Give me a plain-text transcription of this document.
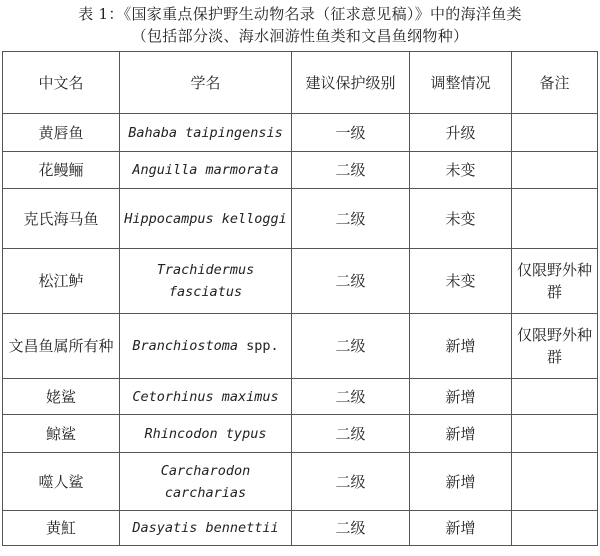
表 1：《国家重点保护野生动物名录（征求意见稿）》中的海洋鱼类
（包括部分淡、海水洄游性鱼类和文昌鱼纲物种）
中文名	学名	建议保护级别	调整情况	备注
黄唇鱼	Bahaba taipingensis	一级	升级	
花鳗鲡	Anguilla marmorata	二级	未变	
克氏海马鱼	Hippocampus kelloggi	二级	未变	
松江鲈	Trachidermus fasciatus	二级	未变	仅限野外种群
文昌鱼属所有种	Branchiostoma spp.	二级	新增	仅限野外种群
姥鲨	Cetorhinus maximus	二级	新增	
鲸鲨	Rhincodon typus	二级	新增	
噬人鲨	Carcharodon carcharias	二级	新增	
黄魟	Dasyatis bennettii	二级	新增	
